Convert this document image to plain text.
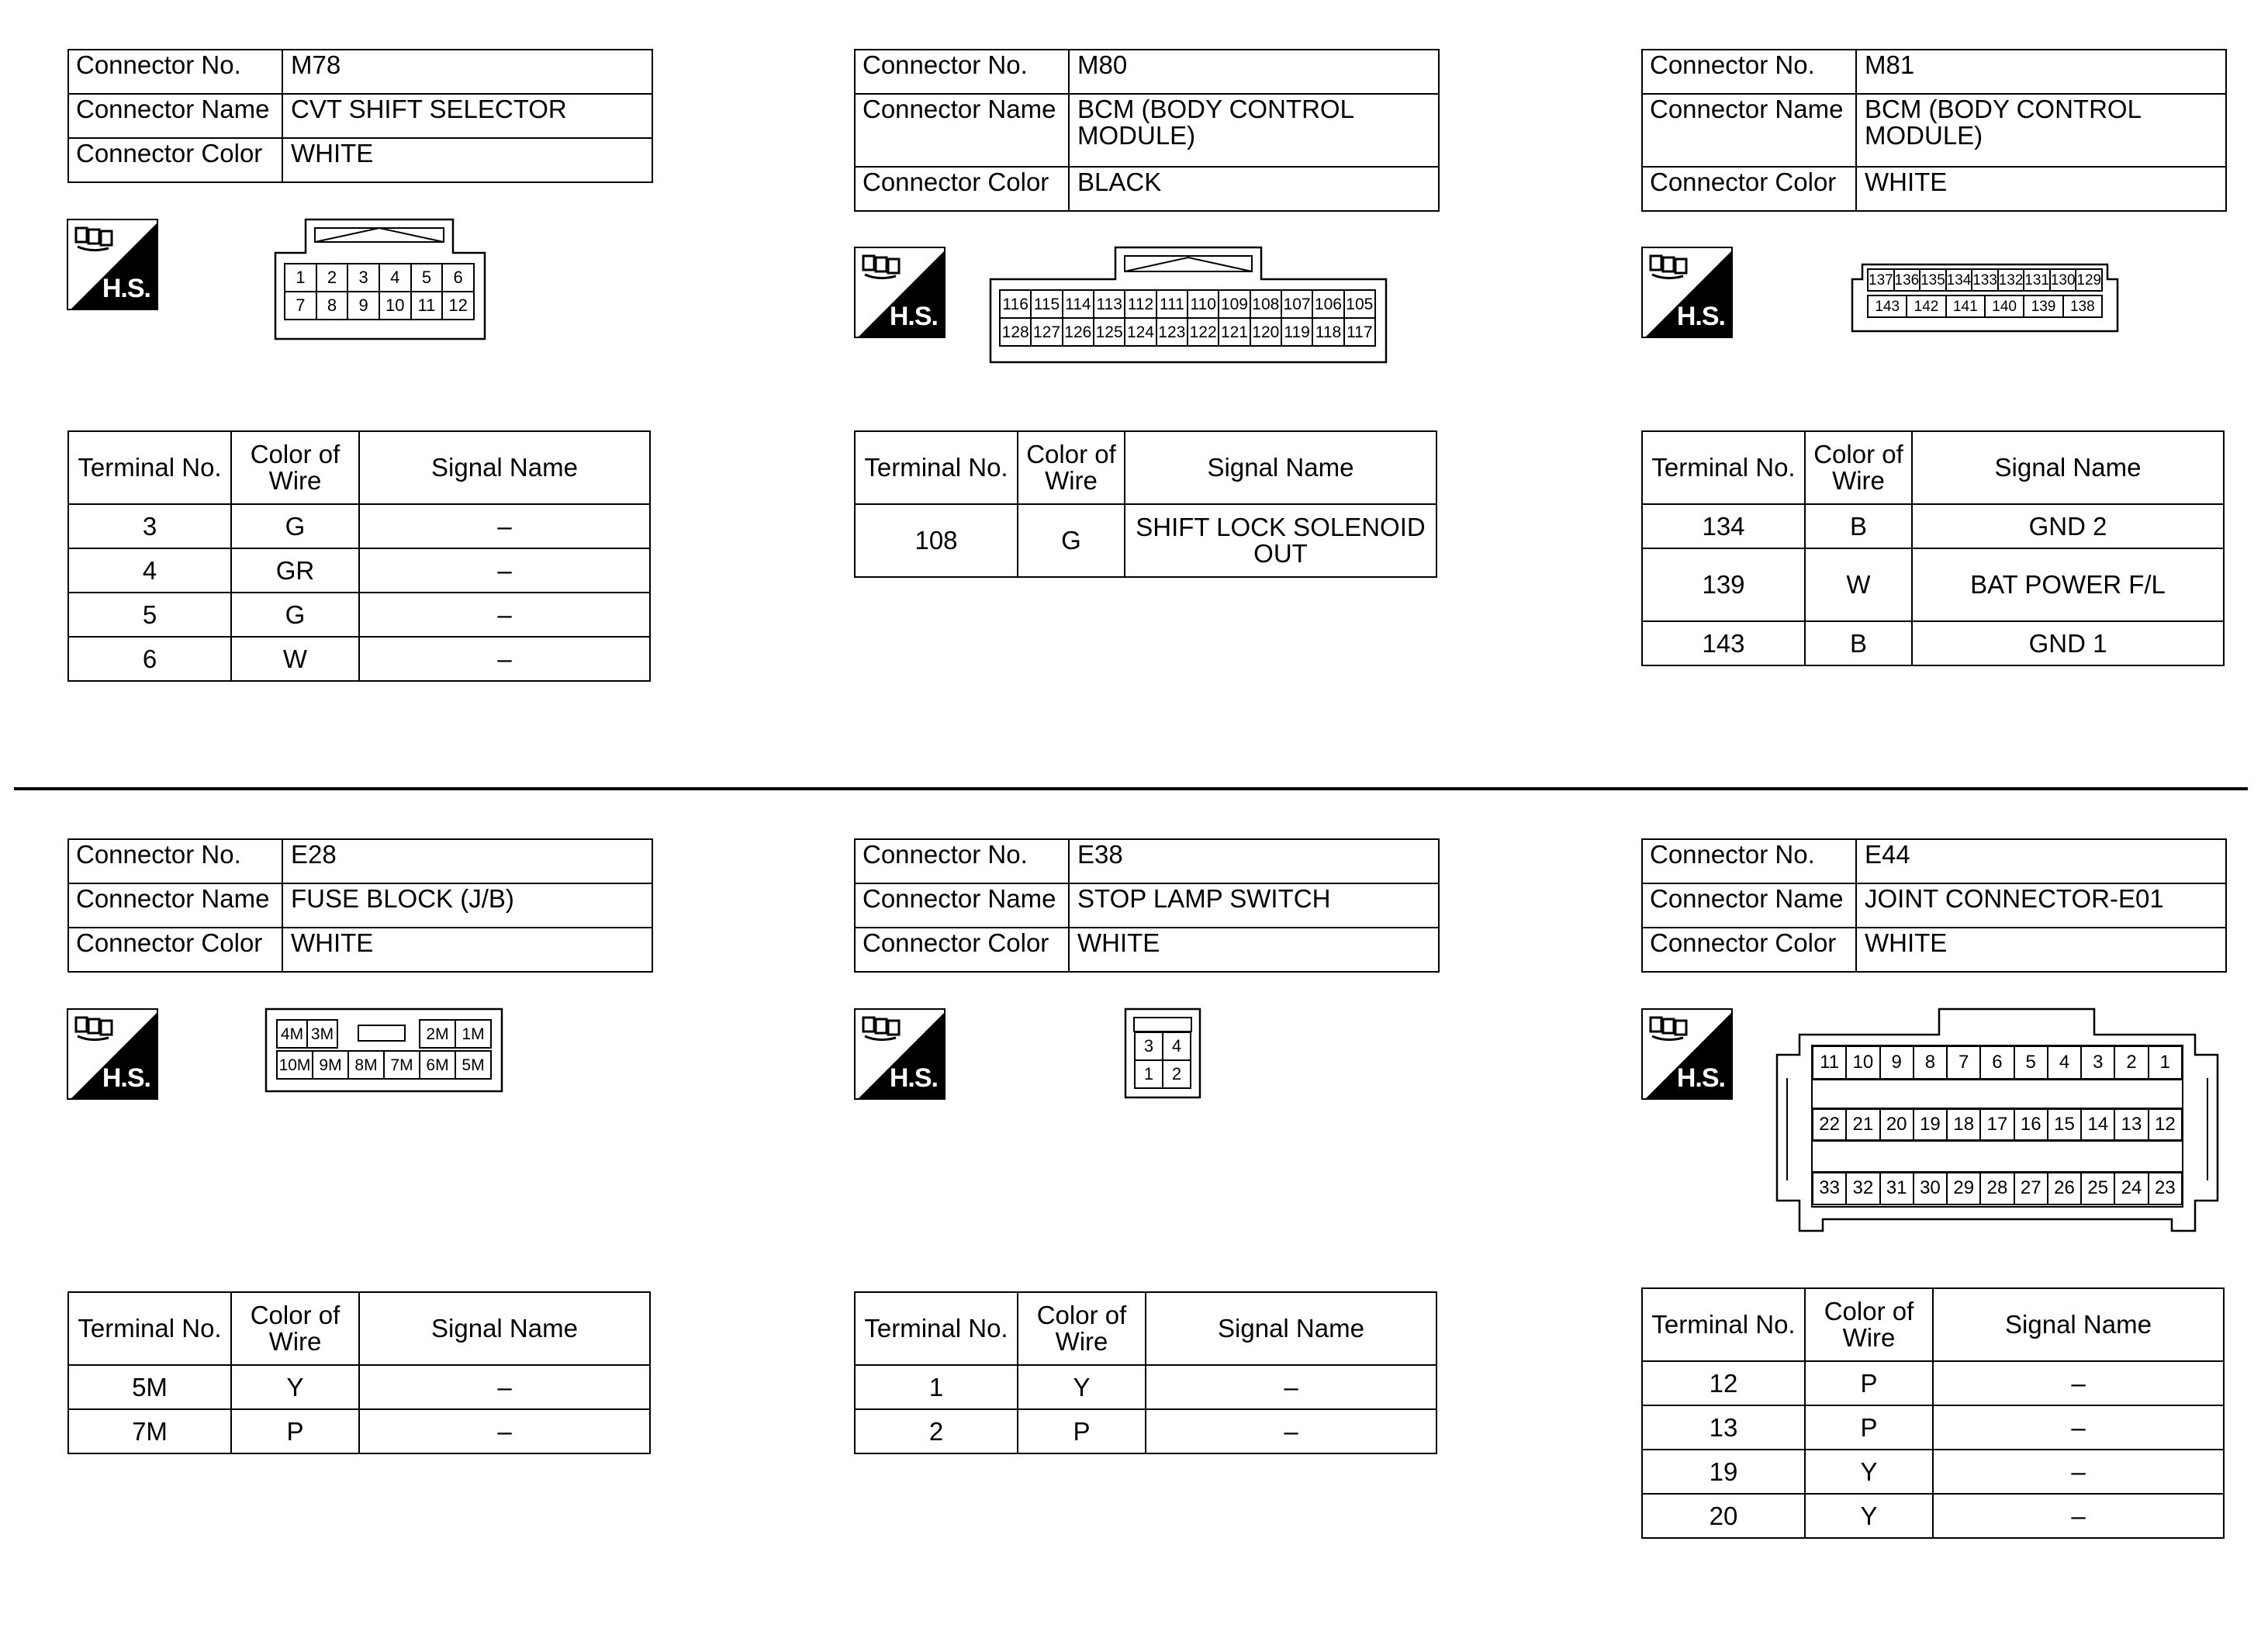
Connector No.	M78
Connector Name	CVT SHIFT SELECTOR
Connector Color	WHITE
H.S.	1	2	3	4	5	6
7	8	9	10	11	12
Terminal No.	Color of Wire	Signal Name
3	G	–
4	GR	–
5	G	–
6	W	–
Connector No.	M80
Connector Name	BCM (BODY CONTROL MODULE)
Connector Color	BLACK
H.S.	116	115	114	113	112	111	110	109	108	107	106	105
128	127	126	125	124	123	122	121	120	119	118	117
Terminal No.	Color of Wire	Signal Name
108	G	SHIFT LOCK SOLENOID OUT
Connector No.	M81
Connector Name	BCM (BODY CONTROL MODULE)
Connector Color	WHITE
H.S.
137	136	135	134	133	132	131	130	129
143	142	141	140	139	138
Terminal No.	Color of Wire	Signal Name
134	B	GND 2
139	W	BAT POWER F/L
143	B	GND 1
Connector No.	E28
Connector Name	FUSE BLOCK (J/B)
Connector Color	WHITE
H.S.
4M	3M	2M	1M
10M	9M	8M	7M	6M	5M
Terminal No.	Color of Wire	Signal Name
5M	Y	–
7M	P	–
Connector No.	E38
Connector Name	STOP LAMP SWITCH
Connector Color	WHITE
H.S.
3	4
1	2
Terminal No.	Color of Wire	Signal Name
1	Y	–
2	P	–
Connector No.	E44
Connector Name	JOINT CONNECTOR-E01
Connector Color	WHITE
H.S.
11	10	9	8	7	6	5	4	3	2	1
22	21	20	19	18	17	16	15	14	13	12
33	32	31	30	29	28	27	26	25	24	23
Terminal No.	Color of Wire	Signal Name
12	P	–
13	P	–
19	Y	–
20	Y	–
